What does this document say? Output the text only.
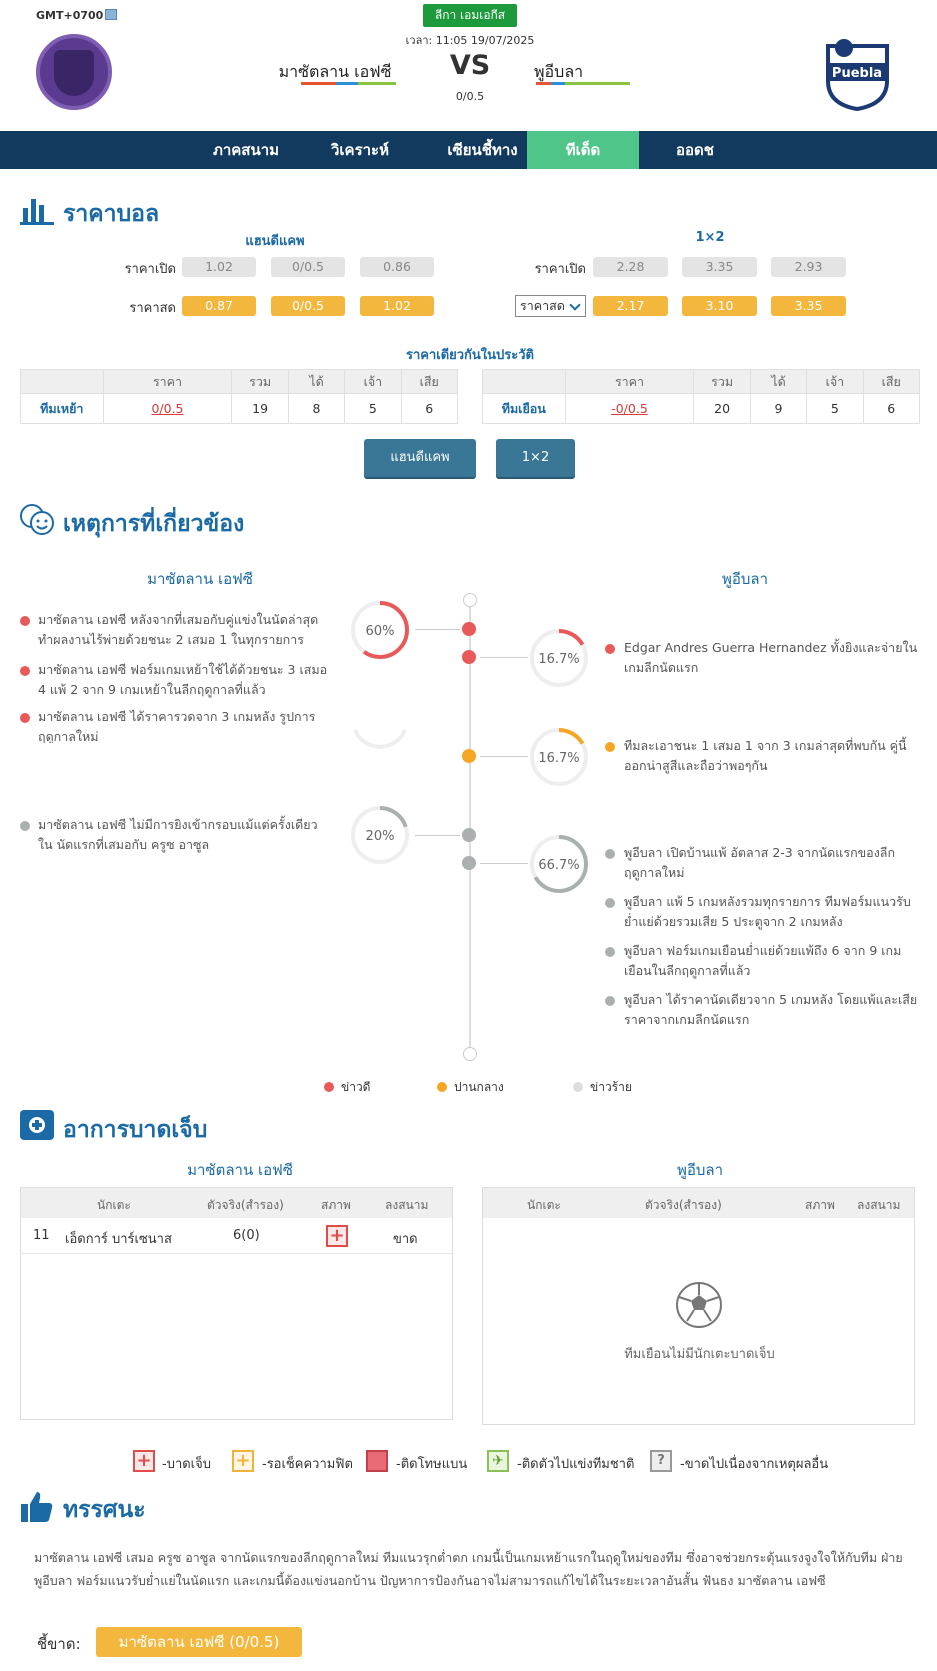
GMT+0700	ลีกา เอมเอกีส
เวลา: 11:05 19/07/2025
Puebla
มาซัตลาน เอฟซี	VS
0/0.5
พูอีบลา
ภาคสนาม	วิเคราะห์	เซียนชี้ทาง	ทีเด็ด	ออดช
ราคาบอล
แฮนดีแคพ	1×2
ราคาเปิด	1.02	0/0.5	0.86
ราคาสด	0.87	0/0.5	1.02
ราคาเปิด	2.28	3.35	2.93
ราคาสด	2.17	3.10	3.35
ราคาเดียวกันในประวัติ
	ราคา	รวม	ได้	เจ้า	เสีย
ทีมเหย้า	0/0.5	19	8	5	6
	ราคา	รวม	ได้	เจ้า	เสีย
ทีมเยือน	-0/0.5	20	9	5	6
แฮนดีแคพ	1×2
เหตุการที่เกี่ยวข้อง
มาซัตลาน เอฟซี	พูอีบลา
60%
20%
16.7%
16.7%
66.7%
มาซัตลาน เอฟซี หลังจากที่เสมอกับคู่แข่งในนัดล่าสุด ทำผลงานไร้พ่ายด้วยชนะ 2 เสมอ 1 ในทุกรายการ
มาซัตลาน เอฟซี ฟอร์มเกมเหย้าใช้ได้ด้วยชนะ 3 เสมอ 4 แพ้ 2 จาก 9 เกมเหย้าในลีกฤดูกาลที่แล้ว
มาซัตลาน เอฟซี ได้ราคารวดจาก 3 เกมหลัง รูปการ ฤดูกาลใหม่
มาซัตลาน เอฟซี ไม่มีการยิงเข้ากรอบแม้แต่ครั้งเดียวใน นัดแรกที่เสมอกับ ครูซ อาซูล
Edgar Andres Guerra Hernandez ทั้งยิงและจ่ายใน เกมลีกนัดแรก
ทีมละเอาชนะ 1 เสมอ 1 จาก 3 เกมล่าสุดที่พบกัน คู่นี้ ออกน่าสูสีและถือว่าพอๆกัน
พูอีบลา เปิดบ้านแพ้ อัตลาส 2-3 จากนัดแรกของลีก ฤดูกาลใหม่
พูอีบลา แพ้ 5 เกมหลังรวมทุกรายการ ทีมฟอร์มแนวรับ ย่ำแย่ด้วยรวมเสีย 5 ประตูจาก 2 เกมหลัง
พูอีบลา ฟอร์มเกมเยือนย่ำแย่ด้วยแพ้ถึง 6 จาก 9 เกม เยือนในลีกฤดูกาลที่แล้ว
พูอีบลา ได้ราคานัดเดียวจาก 5 เกมหลัง โดยแพ้และเสีย ราคาจากเกมลีกนัดแรก
ข่าวดี	ปานกลาง	ข่าวร้าย
อาการบาดเจ็บ
มาซัตลาน เอฟซี	พูอีบลา
นักเตะ	ตัวจริง(สำรอง)	สภาพ	ลงสนาม
11 เอ็ดการ์ บาร์เซนาส	6(0)	+	ขาด
นักเตะ	ตัวจริง(สำรอง)	สภาพ ลงสนาม
ทีมเยือนไม่มีนักเตะบาดเจ็บ
+ -บาดเจ็บ + -รอเช็คความฟิต	-ติดโทษแบน	✈	-ติดตัวไปแข่งทีมชาติ	?	-ขาดไปเนื่องจากเหตุผลอื่น
ทรรศนะ
มาซัตลาน เอฟซี เสมอ ครูซ อาซูล จากนัดแรกของลีกฤดูกาลใหม่ ทีมแนวรุกต่ำตก เกมนี้เป็นเกมเหย้าแรกในฤดูใหม่ของทีม ซึ่งอาจช่วยกระตุ้นแรงจูงใจให้กับทีม ฝ่าย พูอีบลา ฟอร์มแนวรับย่ำแย่ในนัดแรก และเกมนี้ต้องแข่งนอกบ้าน ปัญหาการป้องกันอาจไม่สามารถแก้ไขได้ในระยะเวลาอันสั้น ฟันธง มาซัตลาน เอฟซี
ชี้ขาด:	มาซัตลาน เอฟซี (0/0.5)
